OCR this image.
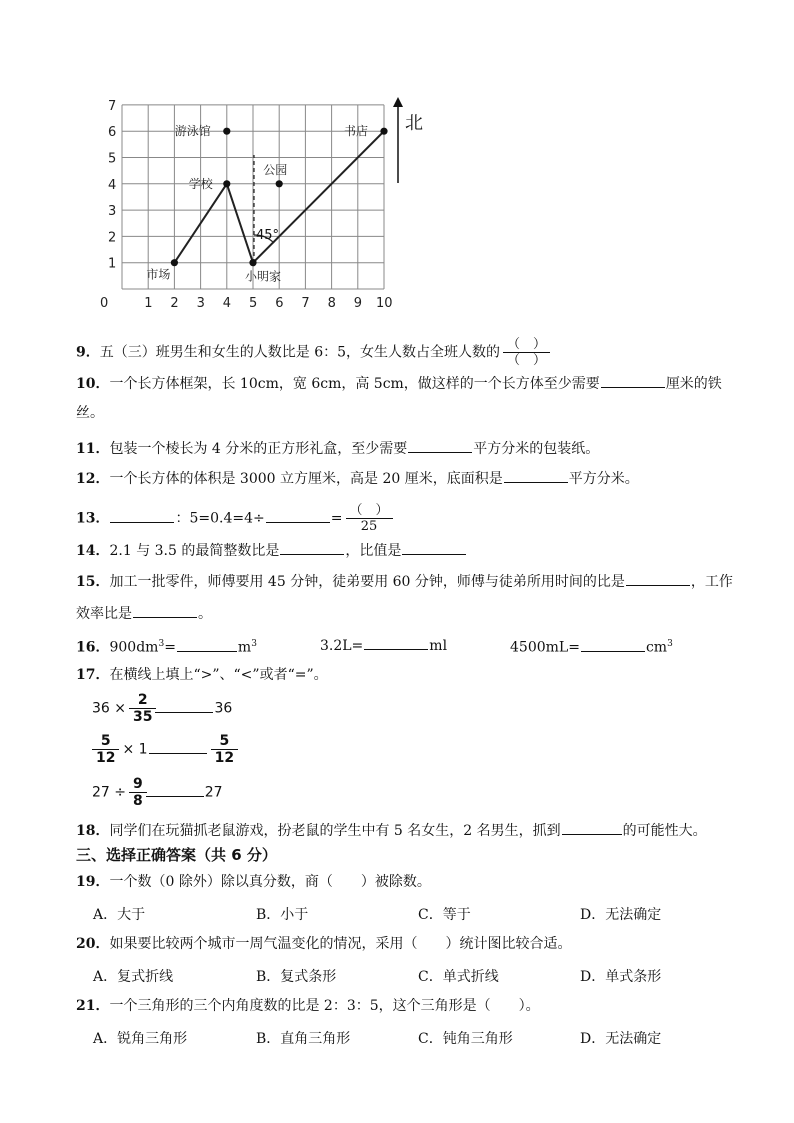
7
6
5
4
3
2
1
0	1 2 3 4 5 6 7 8 9 10
45°
游泳馆	书店
学校
公园
市场	小明家
北
9．五（三）班男生和女生的人数比是 6：5，女生人数占全班人数的 $\frac{( )}{( )}$
10．一个长方体框架，长 10cm，宽 6cm，高 5cm，做这样的一个长方体至少需要	厘米的铁
丝。
11．包装一个棱长为 4 分米的正方形礼盒，至少需要	平方分米的包装纸。
12．一个长方体的体积是 3000 立方厘米，高是 20 厘米，底面积是	平方分米。
13．	：5=0.4=4÷	= $\frac{( )}{25}$
14．2.1 与 3.5 的最简整数比是	，比值是
15．加工一批零件，师傅要用 45 分钟，徒弟要用 60 分钟，师傅与徒弟所用时间的比是	，工作
效率比是	。
16．$900dm^3=$	$m^3$	3.2L=	ml	4500mL=	$cm^3$
17．在横线上填上“>”、“<”或者“=”。
$36 \times \frac{2}{35}$	36
$\frac{5}{12} \times 1$	$\frac{5}{12}$
$27 \div \frac{9}{8}$	27
18．同学们在玩猫抓老鼠游戏，扮老鼠的学生中有 5 名女生，2 名男生，抓到	的可能性大。
三、选择正确答案（共 6 分）
19．一个数（0 除外）除以真分数，商（　　）被除数。
A．大于	B．小于	C．等于	D．无法确定
20．如果要比较两个城市一周气温变化的情况，采用（　　）统计图比较合适。
A．复式折线	B．复式条形	C．单式折线	D．单式条形
21．一个三角形的三个内角度数的比是 2：3：5，这个三角形是（　　）。
A．锐角三角形	B．直角三角形	C．钝角三角形	D．无法确定
